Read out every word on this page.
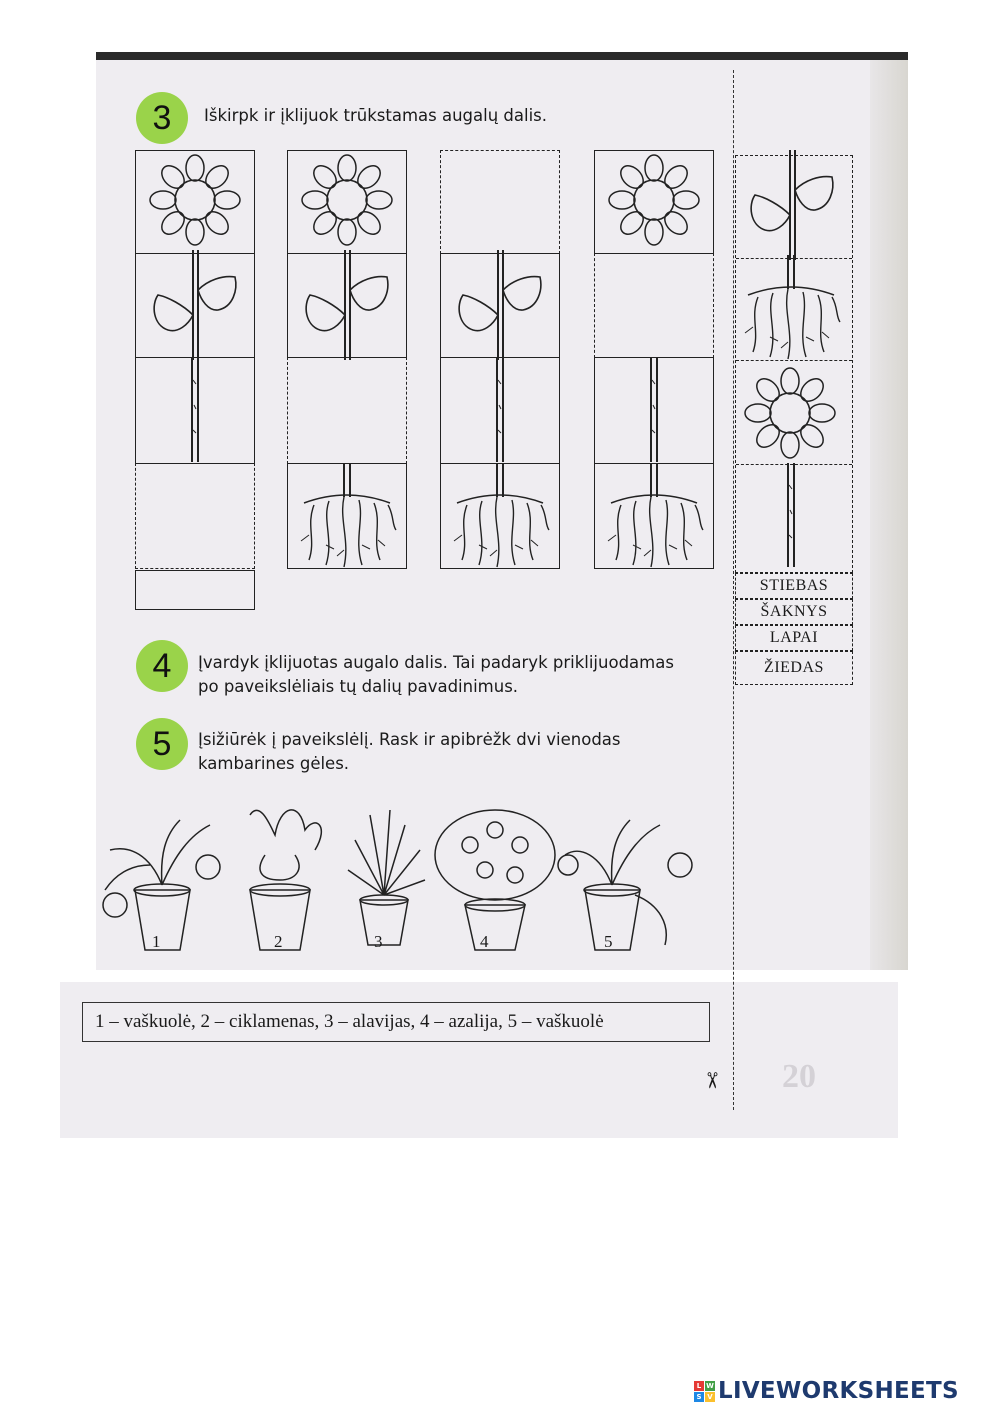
20
3	Iškirpk ir įklijuok trūkstamas augalų dalis.
STIEBAS
ŠAKNYS
LAPAI
ŽIEDAS
4	Įvardyk įklijuotas augalo dalis. Tai padaryk priklijuodamas
po paveikslėliais tų dalių pavadinimus.
5	Įsižiūrėk į paveikslėlį. Rask ir apibrėžk dvi vienodas
kambarines gėles.
1	2	3	4	5
1 – vaškuolė, 2 – ciklamenas, 3 – alavijas, 4 – azalija, 5 – vaškuolė
✂
L W
S V LIVEWORKSHEETS
